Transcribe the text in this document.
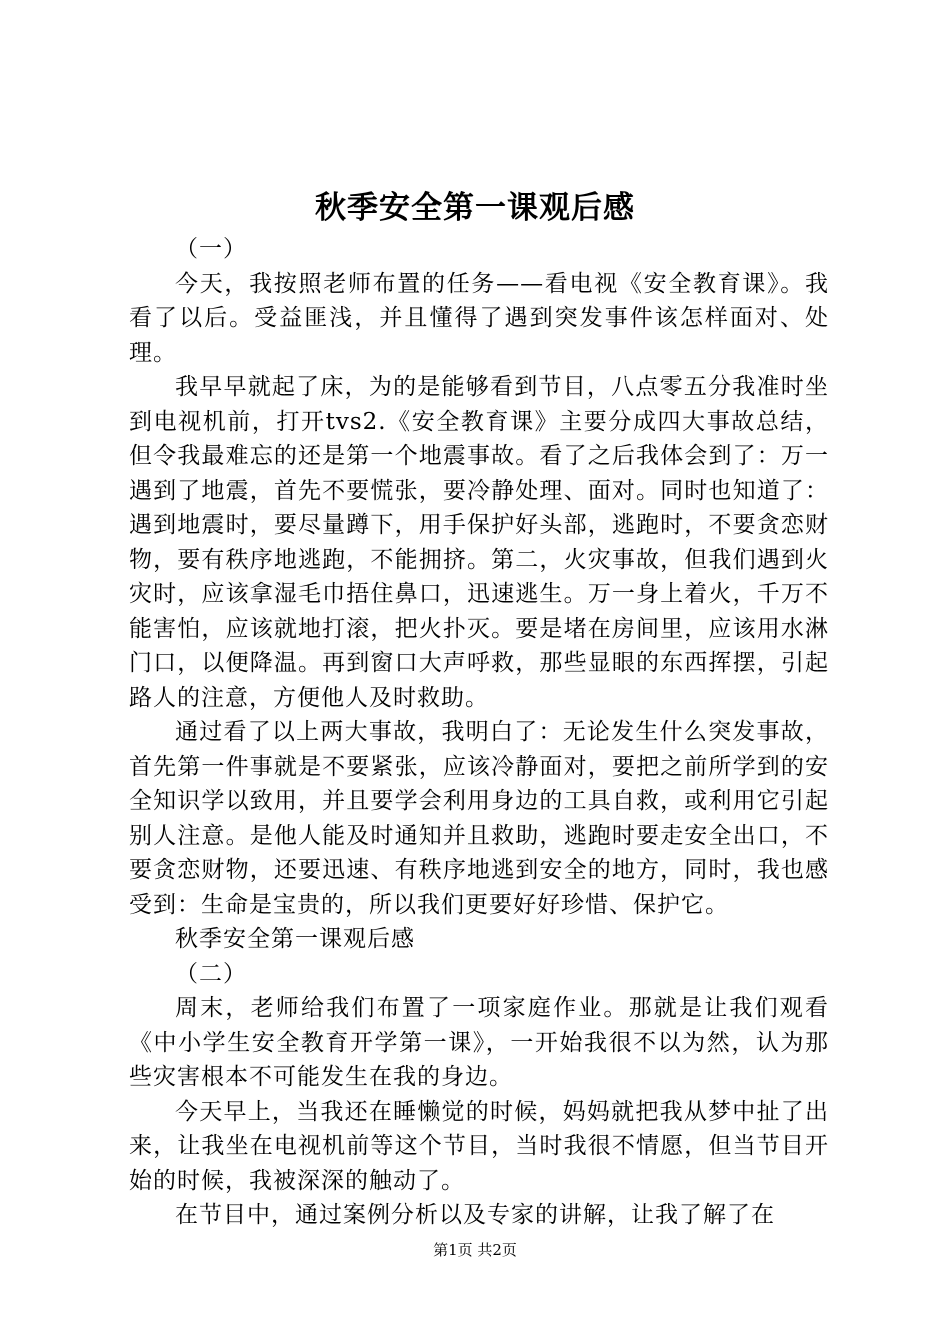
秋季安全第一课观后感

（一）

今天，我按照老师布置的任务——看电视《安全教育课》。我看了以后。受益匪浅，并且懂得了遇到突发事件该怎样面对、处理。

我早早就起了床，为的是能够看到节目，八点零五分我准时坐到电视机前，打开tvs2.《安全教育课》主要分成四大事故总结，但令我最难忘的还是第一个地震事故。看了之后我体会到了：万一遇到了地震，首先不要慌张，要冷静处理、面对。同时也知道了：遇到地震时，要尽量蹲下，用手保护好头部，逃跑时，不要贪恋财物，要有秩序地逃跑，不能拥挤。第二，火灾事故，但我们遇到火灾时，应该拿湿毛巾捂住鼻口，迅速逃生。万一身上着火，千万不能害怕，应该就地打滚，把火扑灭。要是堵在房间里，应该用水淋门口，以便降温。再到窗口大声呼救，那些显眼的东西挥摆，引起路人的注意，方便他人及时救助。

通过看了以上两大事故，我明白了：无论发生什么突发事故，首先第一件事就是不要紧张，应该冷静面对，要把之前所学到的安全知识学以致用，并且要学会利用身边的工具自救，或利用它引起别人注意。是他人能及时通知并且救助，逃跑时要走安全出口，不要贪恋财物，还要迅速、有秩序地逃到安全的地方，同时，我也感受到：生命是宝贵的，所以我们更要好好珍惜、保护它。

秋季安全第一课观后感

（二）

周末，老师给我们布置了一项家庭作业。那就是让我们观看《中小学生安全教育开学第一课》，一开始我很不以为然，认为那些灾害根本不可能发生在我的身边。

今天早上，当我还在睡懒觉的时候，妈妈就把我从梦中扯了出来，让我坐在电视机前等这个节目，当时我很不情愿，但当节目开始的时候，我被深深的触动了。

在节目中，通过案例分析以及专家的讲解，让我了解了在

第1页 共2页
